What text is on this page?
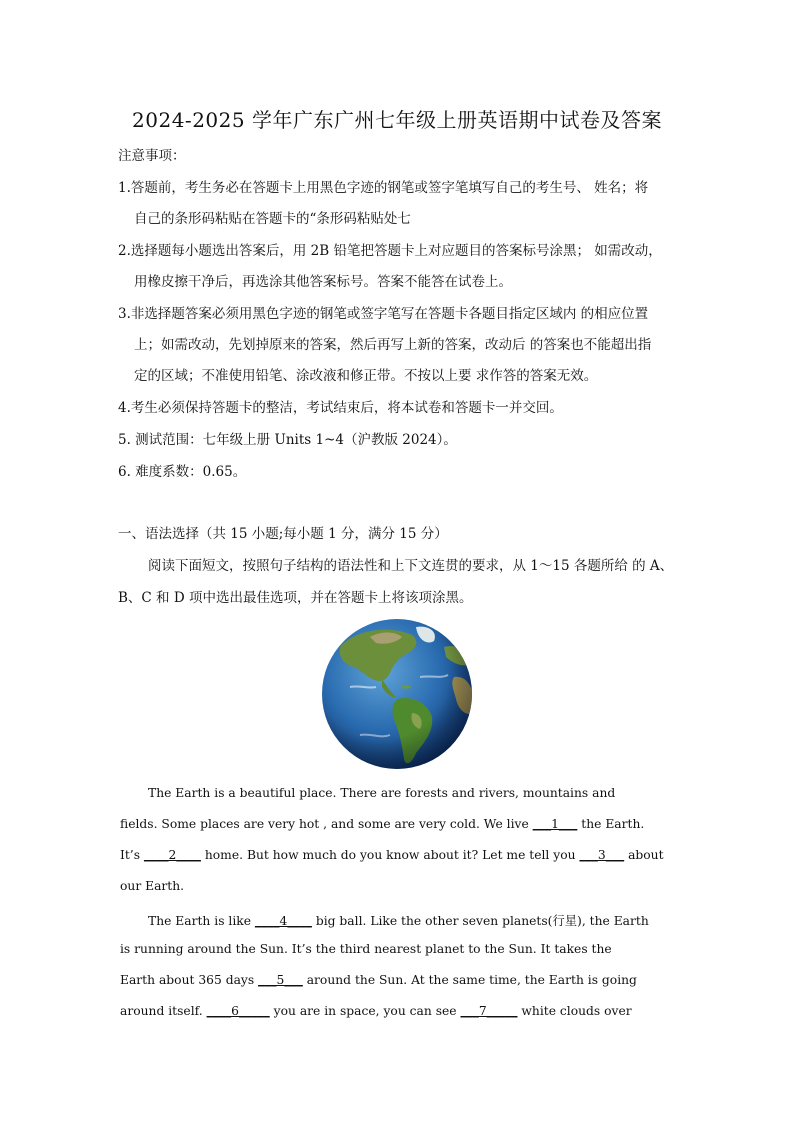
2024-2025 学年广东广州七年级上册英语期中试卷及答案
注意事项：
1.答题前，考生务必在答题卡上用黑色字迹的钢笔或签字笔填写自己的考生号、 姓名；将
自己的条形码粘贴在答题卡的“条形码粘贴处七
2.选择题每小题选出答案后，用 2B 铅笔把答题卡上对应题目的答案标号涂黑； 如需改动，
用橡皮擦干净后，再选涂其他答案标号。答案不能答在试卷上。
3.非选择题答案必须用黑色字迹的钢笔或签字笔写在答题卡各题目指定区域内 的相应位置
上；如需改动，先划掉原来的答案，然后再写上新的答案，改动后 的答案也不能超出指
定的区域；不准使用铅笔、涂改液和修正带。不按以上要 求作答的答案无效。
4.考生必须保持答题卡的整洁，考试结束后，将本试卷和答题卡一并交回。
5. 测试范围：七年级上册 Units 1~4（沪教版 2024）。
6. 难度系数：0.65。
一、语法选择（共 15 小题;每小题 1 分，满分 15 分）
阅读下面短文，按照句子结构的语法性和上下文连贯的要求，从 1～15 各题所给 的 A、
B、C 和 D 项中选出最佳选项，并在答题卡上将该项涂黑。
The Earth is a beautiful place. There are forests and rivers, mountains and
fields. Some places are very hot , and some are very cold. We live ___1___ the Earth.
It’s ____2____ home. But how much do you know about it? Let me tell you ___3___ about
our Earth.
The Earth is like ____4____ big ball. Like the other seven planets(行星), the Earth
is running around the Sun. It’s the third nearest planet to the Sun. It takes the
Earth about 365 days ___5___ around the Sun. At the same time, the Earth is going
around itself. ____6_____ you are in space, you can see ___7_____ white clouds over
